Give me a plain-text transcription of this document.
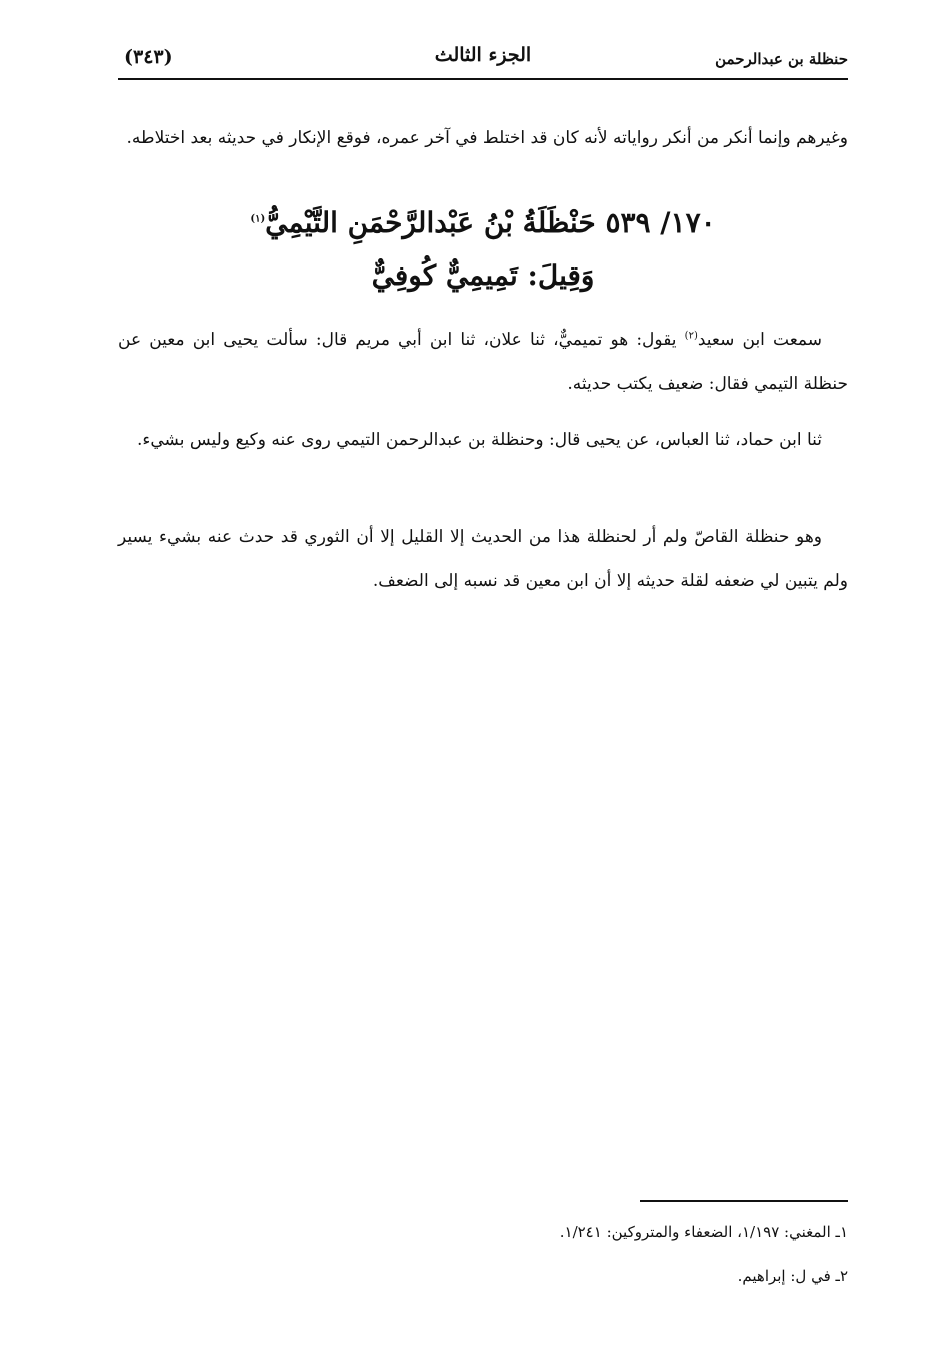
حنظلة بن عبدالرحمن
الجزء الثالث
(٣٤٣)

وغيرهم وإنما أنكر من أنكر رواياته لأنه كان قد اختلط في آخر عمره، فوقع الإنكار في حديثه بعد اختلاطه.

١٧٠/ ٥٣٩ حَنْظَلَةُ بْنُ عَبْدالرَّحْمَنِ التَّيْمِيُّ$^{(١)}$
وَقِيلَ: تَمِيمِيٌّ كُوفِيٌّ

سمعت ابن سعيد$^{(٢)}$ يقول: هو تميميٌّ، ثنا علان، ثنا ابن أبي مريم قال: سألت يحيى ابن معين عن حنظلة التيمي فقال: ضعيف يكتب حديثه.

ثنا ابن حماد، ثنا العباس، عن يحيى قال: وحنظلة بن عبدالرحمن التيمي روى عنه وكيع وليس بشيء.

وهو حنظلة القاصّ ولم أر لحنظلة هذا من الحديث إلا القليل إلا أن الثوري قد حدث عنه بشيء يسير ولم يتبين لي ضعفه لقلة حديثه إلا أن ابن معين قد نسبه إلى الضعف.

١ـ المغني: ١/١٩٧، الضعفاء والمتروكين: ١/٢٤١.

٢ـ في ل: إبراهيم.
